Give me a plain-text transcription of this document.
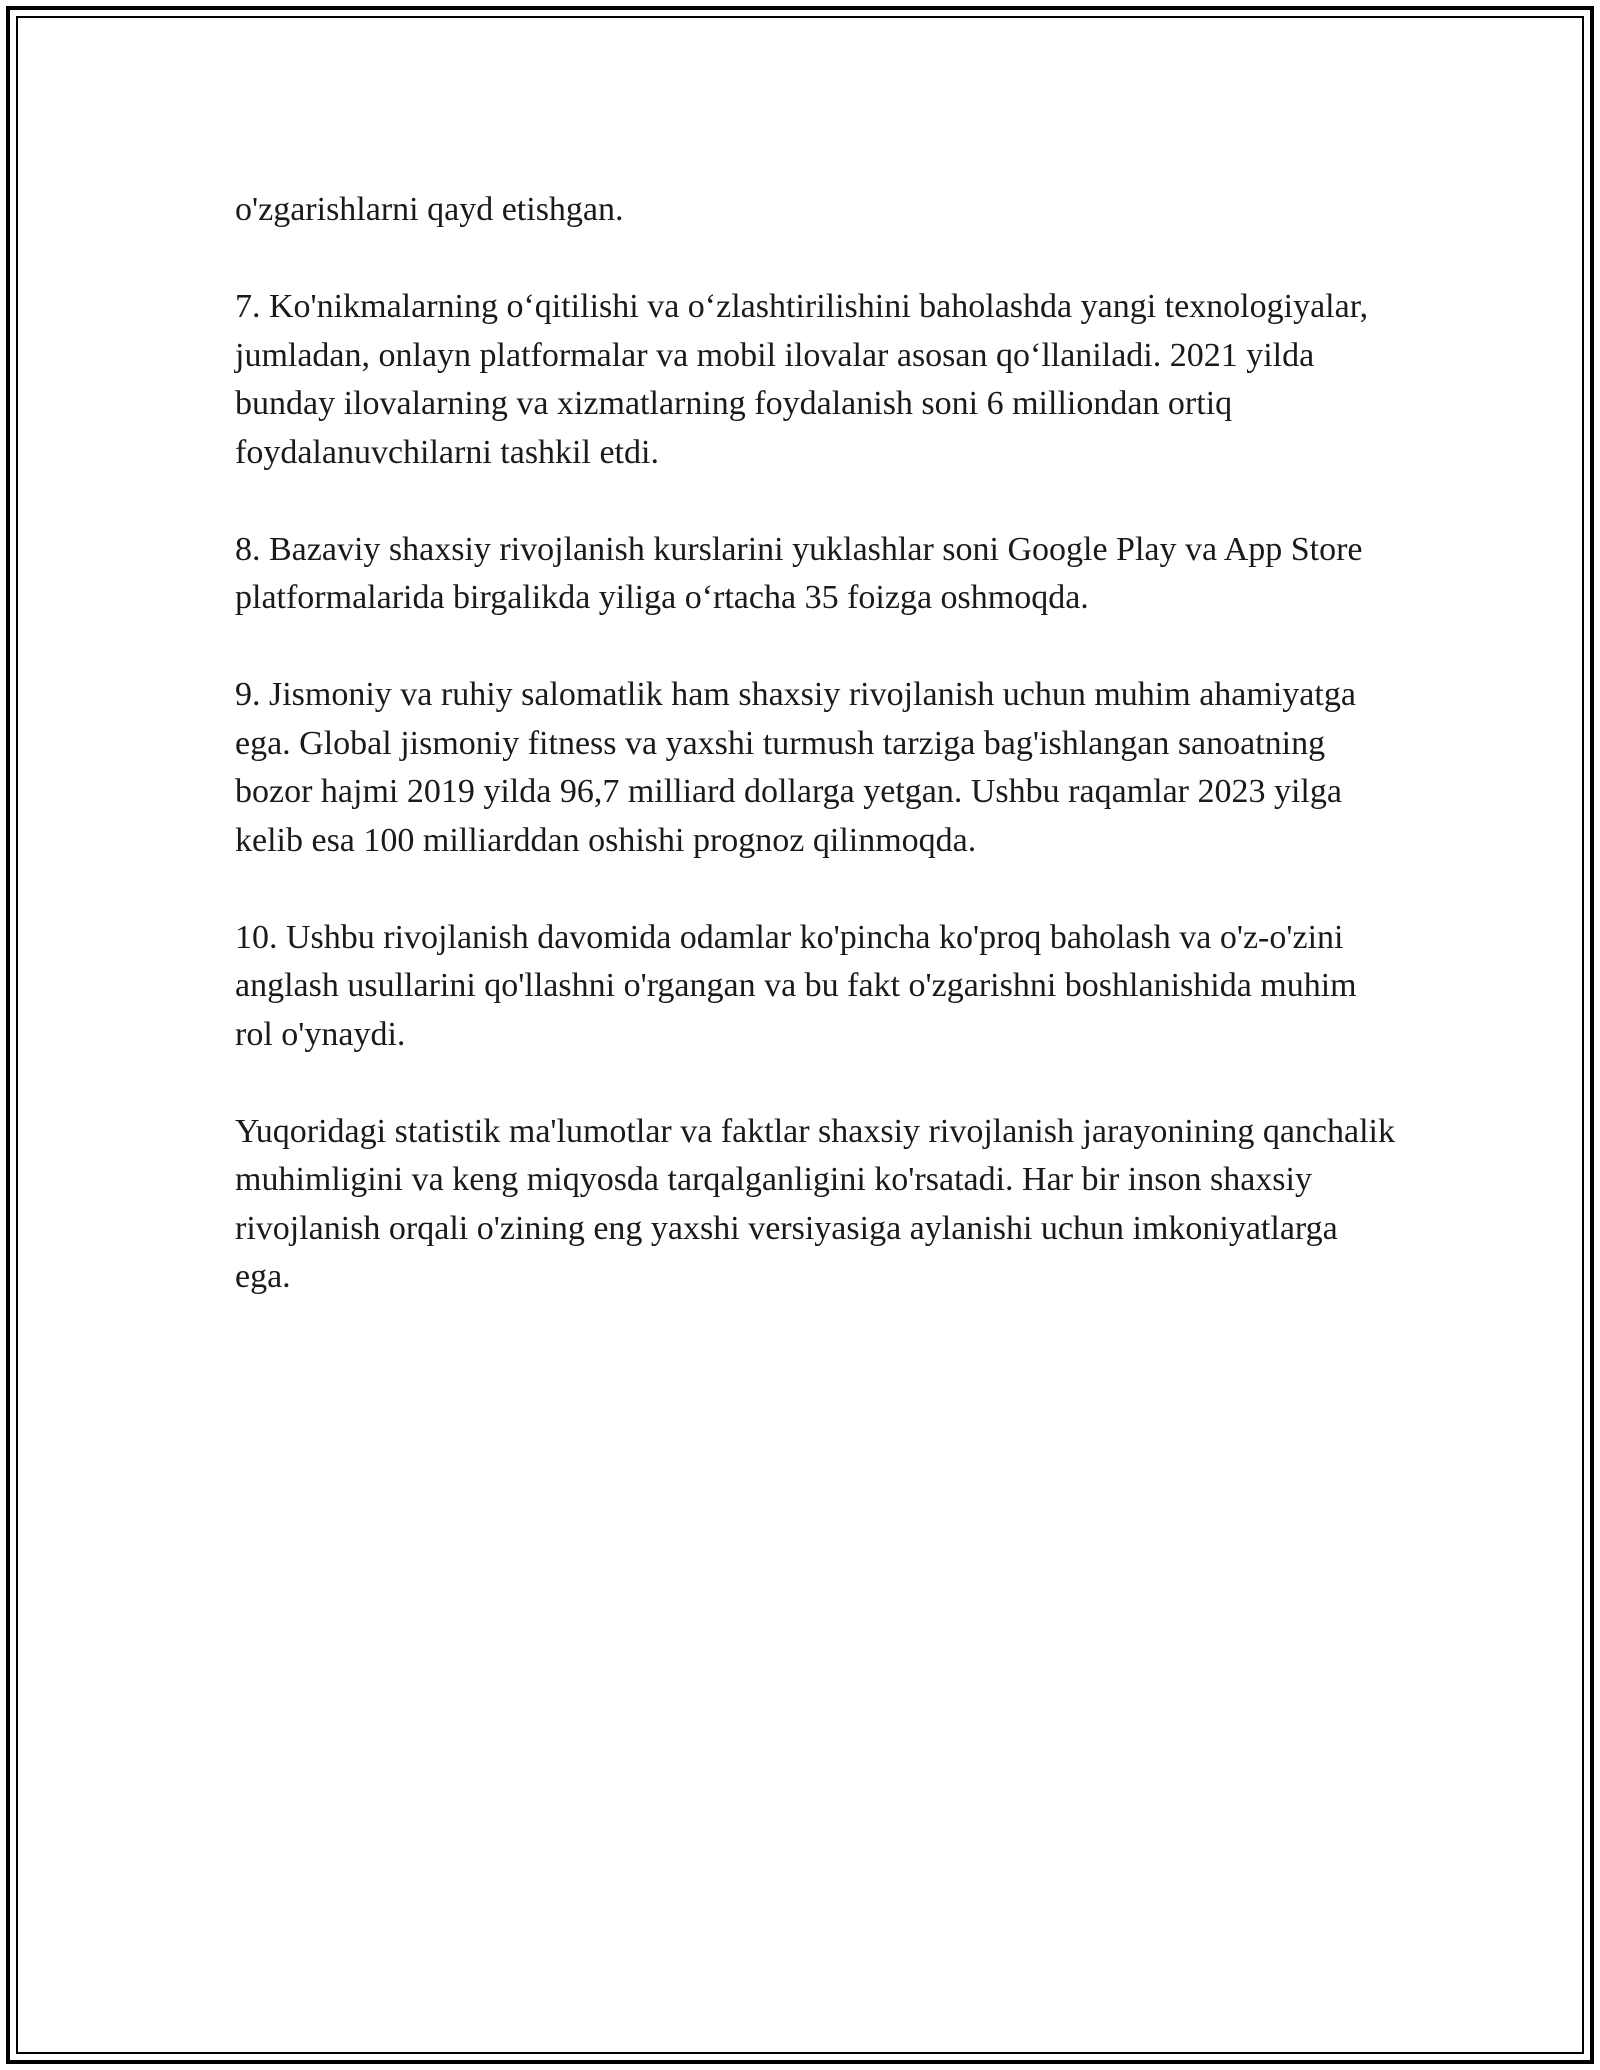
o'zgarishlarni qayd etishgan.

7. Ko'nikmalarning o‘qitilishi va o‘zlashtirilishini baholashda yangi texnologiyalar, jumladan, onlayn platformalar va mobil ilovalar asosan qo‘llaniladi. 2021 yilda bunday ilovalarning va xizmatlarning foydalanish soni 6 milliondan ortiq foydalanuvchilarni tashkil etdi.

8. Bazaviy shaxsiy rivojlanish kurslarini yuklashlar soni Google Play va App Store platformalarida birgalikda yiliga o‘rtacha 35 foizga oshmoqda.

9. Jismoniy va ruhiy salomatlik ham shaxsiy rivojlanish uchun muhim ahamiyatga ega. Global jismoniy fitness va yaxshi turmush tarziga bag'ishlangan sanoatning bozor hajmi 2019 yilda 96,7 milliard dollarga yetgan. Ushbu raqamlar 2023 yilga kelib esa 100 milliarddan oshishi prognoz qilinmoqda.

10. Ushbu rivojlanish davomida odamlar ko'pincha ko'proq baholash va o'z-o'zini anglash usullarini qo'llashni o'rgangan va bu fakt o'zgarishni boshlanishida muhim rol o'ynaydi.

Yuqoridagi statistik ma'lumotlar va faktlar shaxsiy rivojlanish jarayonining qanchalik muhimligini va keng miqyosda tarqalganligini ko'rsatadi. Har bir inson shaxsiy rivojlanish orqali o'zining eng yaxshi versiyasiga aylanishi uchun imkoniyatlarga ega.
